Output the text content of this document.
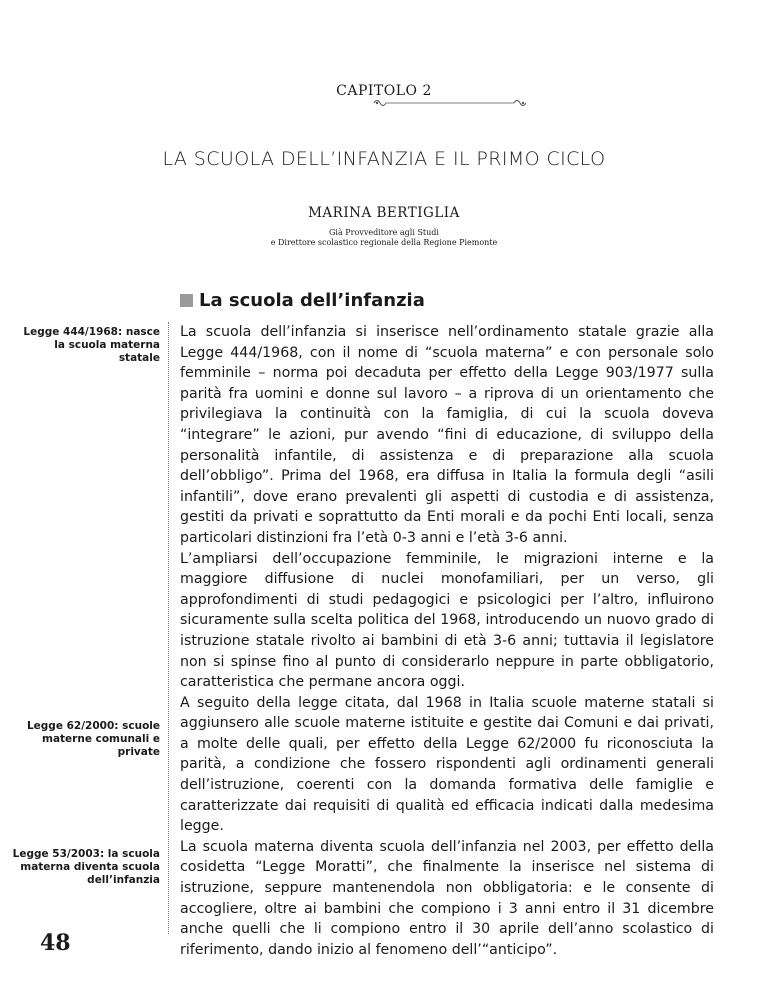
CAPITOLO 2
LA SCUOLA DELL’INFANZIA E IL PRIMO CICLO
MARINA BERTIGLIA
Già Provveditore agli Studi
e Direttore scolastico regionale della Regione Piemonte
La scuola dell’infanzia
Legge 444/1968: nasce la scuola materna statale
Legge 62/2000: scuole materne comunali e private
Legge 53/2003: la scuola materna diventa scuola dell’infanzia

La scuola dell’infanzia si inserisce nell’ordinamento statale grazie alla Legge 444/1968, con il nome di “scuola materna” e con personale solo femminile – norma poi decaduta per effetto della Legge 903/1977 sulla parità fra uomini e donne sul lavoro – a riprova di un orientamento che privilegiava la continuità con la famiglia, di cui la scuola doveva “integrare” le azioni, pur avendo “fini di educazione, di sviluppo della personalità infantile, di assistenza e di preparazione alla scuola dell’obbligo”. Prima del 1968, era diffusa in Italia la formula degli “asili infantili”, dove erano prevalenti gli aspetti di custodia e di assistenza, gestiti da privati e soprattutto da Enti morali e da pochi Enti locali, senza particolari distinzioni fra l’età 0-3 anni e l’età 3-6 anni.

L’ampliarsi dell’occupazione femminile, le migrazioni interne e la maggiore diffusione di nuclei monofamiliari, per un verso, gli approfondimenti di studi pedagogici e psicologici per l’altro, influirono sicuramente sulla scelta politica del 1968, introducendo un nuovo grado di istruzione statale rivolto ai bambini di età 3-6 anni; tuttavia il legislatore non si spinse fino al punto di considerarlo neppure in parte obbligatorio, caratteristica che permane ancora oggi.

A seguito della legge citata, dal 1968 in Italia scuole materne statali si aggiunsero alle scuole materne istituite e gestite dai Comuni e dai privati, a molte delle quali, per effetto della Legge 62/2000 fu riconosciuta la parità, a condizione che fossero rispondenti agli ordinamenti generali dell’istruzione, coerenti con la domanda formativa delle famiglie e caratterizzate dai requisiti di qualità ed efficacia indicati dalla medesima legge.

La scuola materna diventa scuola dell’infanzia nel 2003, per effetto della cosidetta “Legge Moratti”, che finalmente la inserisce nel sistema di istruzione, seppure mantenendola non obbligatoria: e le consente di accogliere, oltre ai bambini che compiono i 3 anni entro il 31 dicembre anche quelli che li compiono entro il 30 aprile dell’anno scolastico di riferimento, dando inizio al fenomeno dell’“anticipo”.

48
